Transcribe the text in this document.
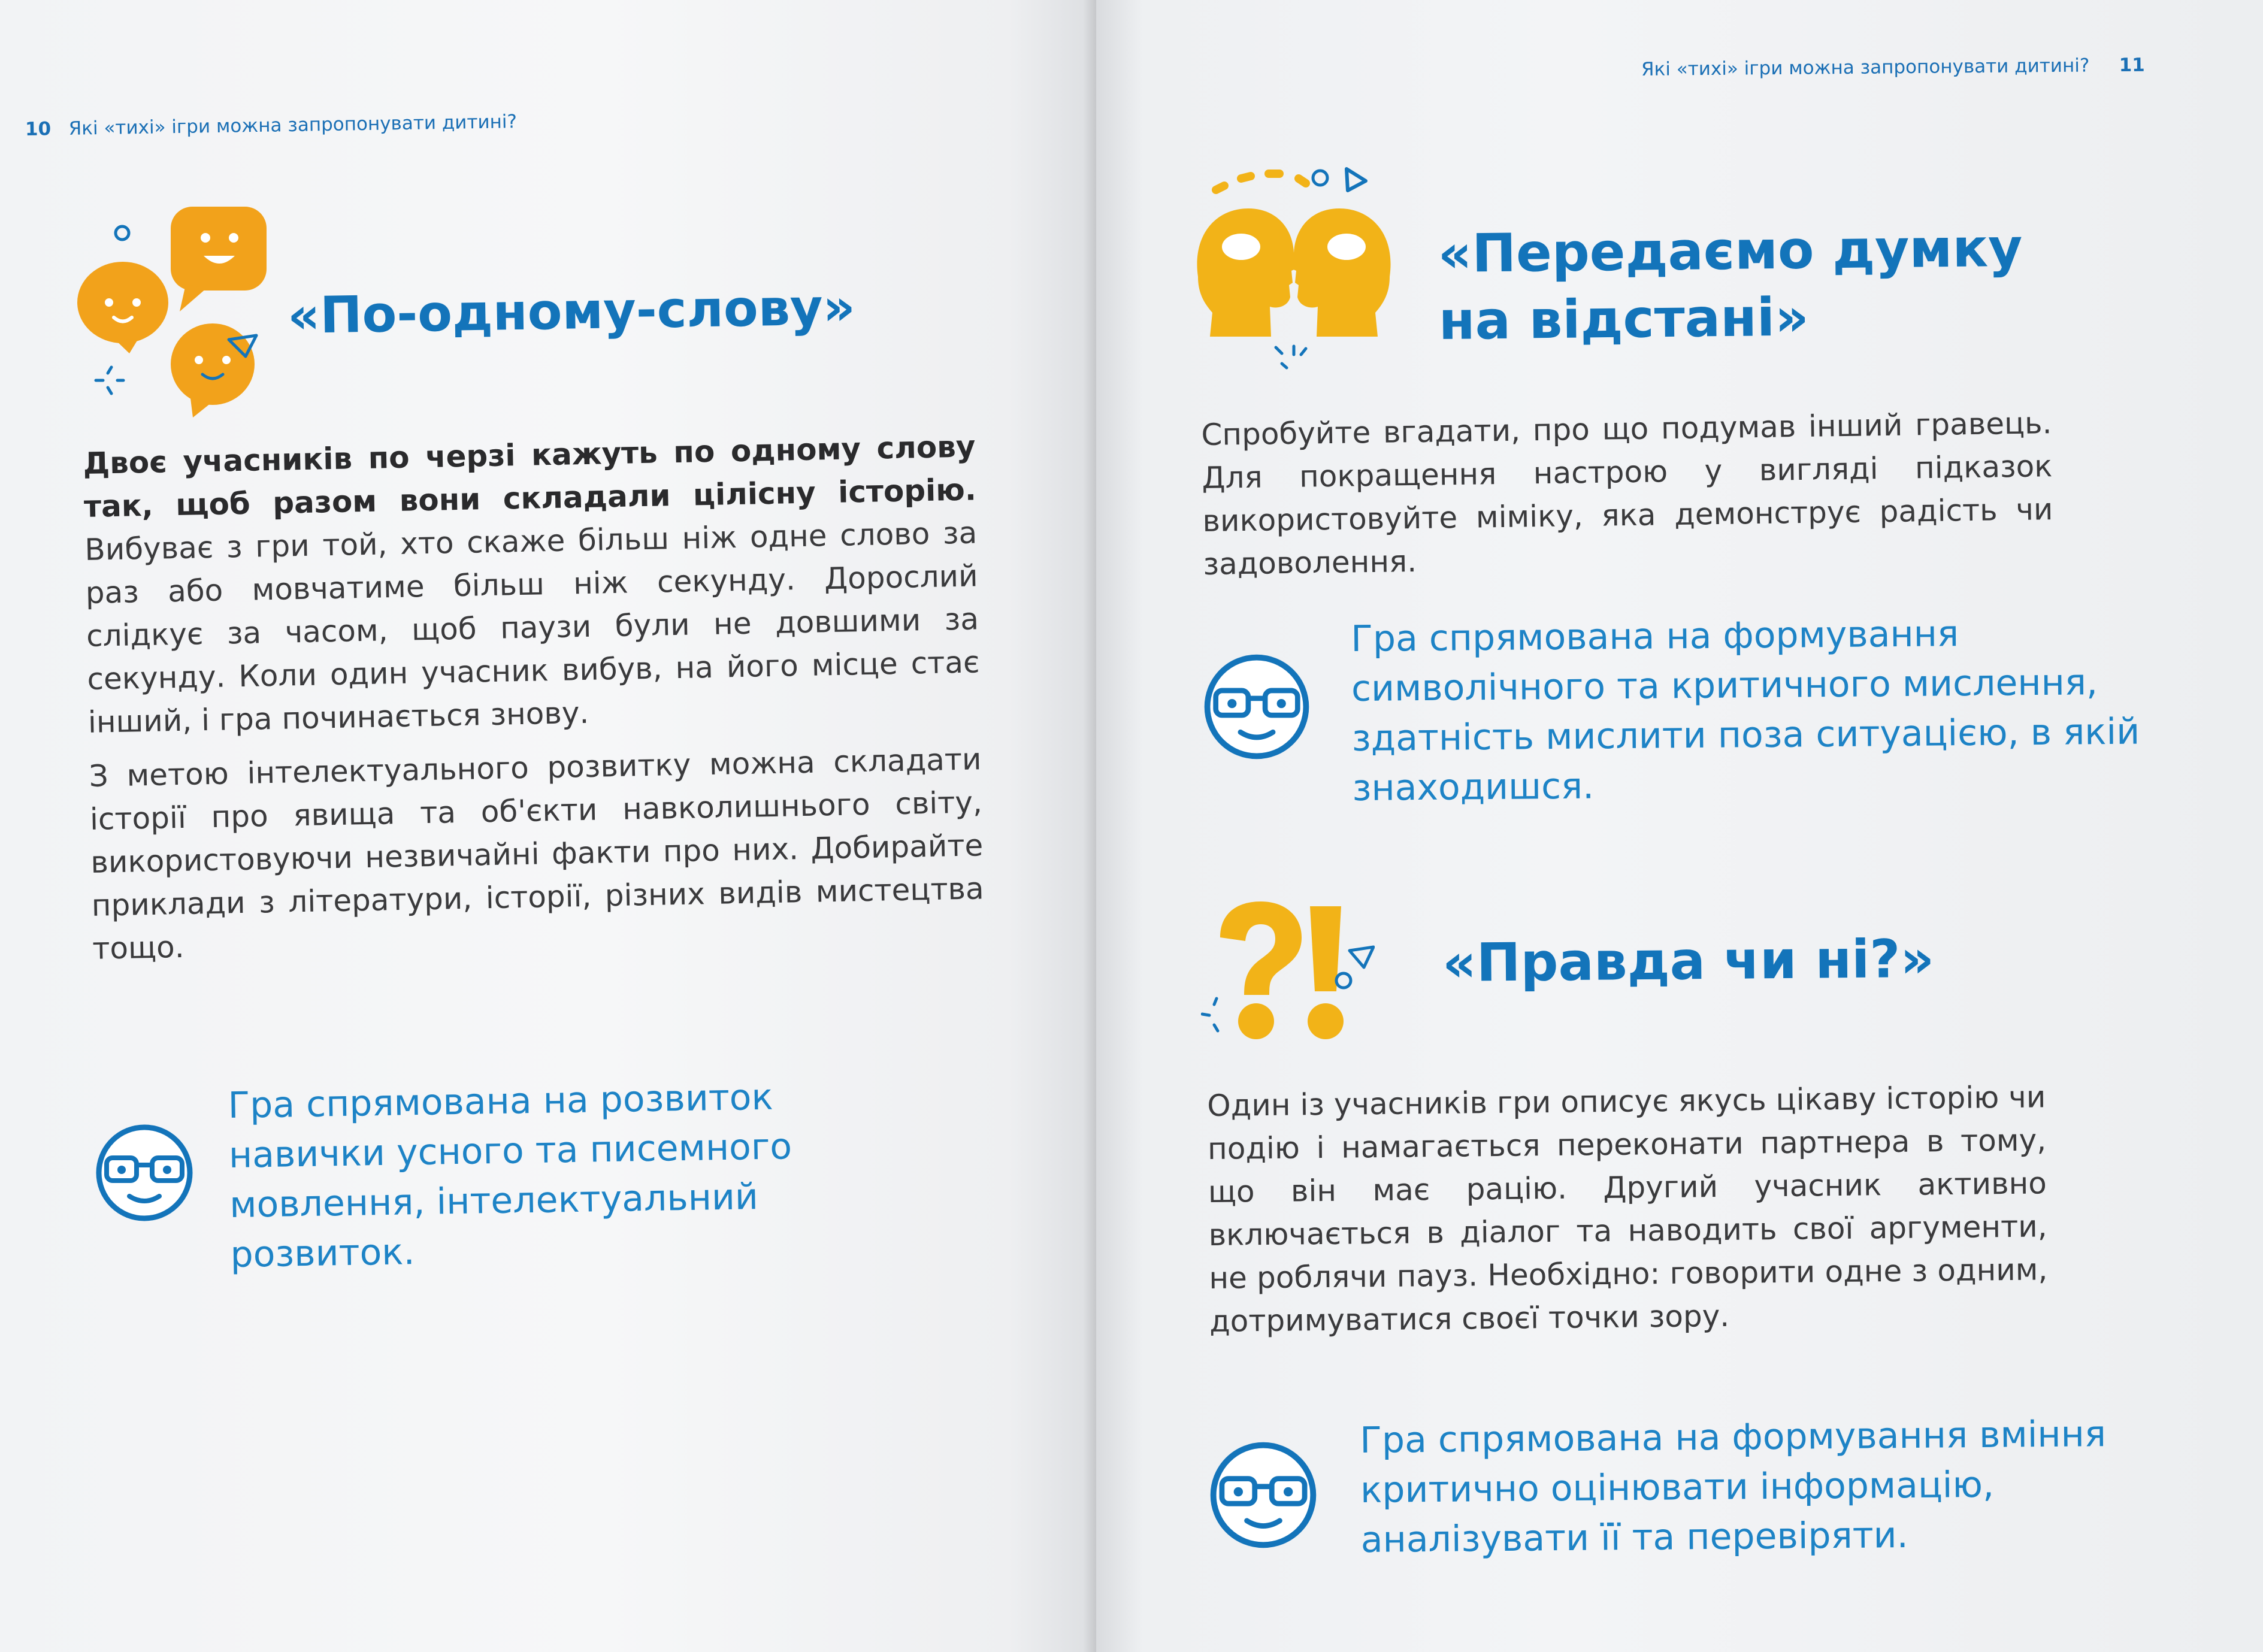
10 Які «тихі» ігри можна запропонувати дитині?
«По-одному-слову»

Двоє учасників по черзі кажуть по одному слову так, щоб разом вони складали цілісну історію. Вибуває з гри той, хто скаже більш ніж одне слово за раз або мовчатиме більш ніж секунду. Дорослий слідкує за часом, щоб паузи були не довшими за секунду. Коли один учасник вибув, на його місце стає інший, і гра починається знову.

З метою інтелектуального розвитку можна складати історії про явища та об'єкти навколишнього світу, використовуючи незвичайні факти про них. Добирайте приклади з літератури, історії, різних видів мистецтва тощо.

Гра спрямована на розвиток навички усного та писемного мовлення, інтелектуальний розвиток.
Які «тихі» ігри можна запропонувати дитині? 11
«Передаємо думку
на відстані»

Спробуйте вгадати, про що подумав інший гравець. Для покращення настрою у вигляді підказок використовуйте міміку, яка демонструє радість чи задоволення.

Гра спрямована на формування символічного та критичного мислення, здатність мислити поза ситуацією, в якій знаходишся.
«Правда чи ні?»

Один із учасників гри описує якусь цікаву історію чи подію і намагається переконати партнера в тому, що він має рацію. Другий учасник активно включається в діалог та наводить свої аргументи, не роблячи пауз. Необхідно: говорити одне з одним, дотримуватися своєї точки зору.

Гра спрямована на формування вміння критично оцінювати інформацію, аналізувати її та перевіряти.
